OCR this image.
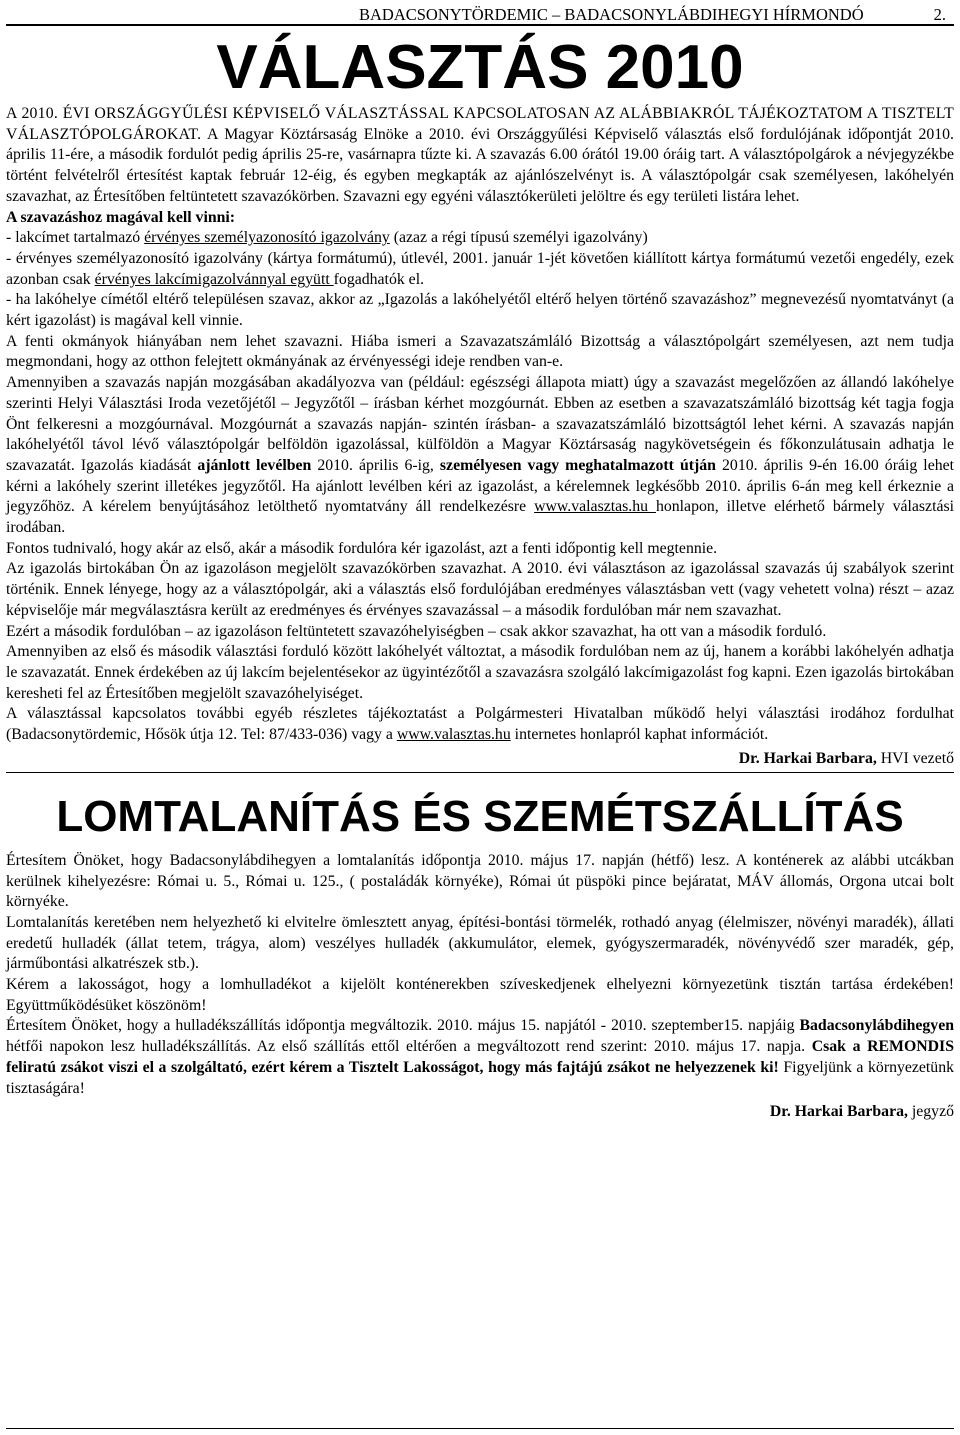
BADACSONYTÖRDEMIC – BADACSONYLÁBDIHEGYI HÍRMONDÓ	2.
VÁLASZTÁS 2010

A 2010. ÉVI ORSZÁGGYŰLÉSI KÉPVISELŐ VÁLASZTÁSSAL KAPCSOLATOSAN AZ ALÁBBIAKRÓL TÁJÉKOZTATOM A TISZTELT VÁLASZTÓPOLGÁROKAT. A Magyar Köztársaság Elnöke a 2010. évi Országgyűlési Képviselő választás első fordulójának időpontját 2010. április 11-ére, a második fordulót pedig április 25-re, vasárnapra tűzte ki. A szavazás 6.00 órától 19.00 óráig tart. A választópolgárok a névjegyzékbe történt felvételről értesítést kaptak február 12-éig, és egyben megkapták az ajánlószelvényt is. A választópolgár csak személyesen, lakóhelyén szavazhat, az Értesítőben feltüntetett szavazókörben. Szavazni egy egyéni választókerületi jelöltre és egy területi listára lehet.

A szavazáshoz magával kell vinni:

- lakcímet tartalmazó érvényes személyazonosító igazolvány (azaz a régi típusú személyi igazolvány)

- érvényes személyazonosító igazolvány (kártya formátumú), útlevél, 2001. január 1-jét követően kiállított kártya formátumú vezetői engedély, ezek azonban csak érvényes lakcímigazolvánnyal együtt fogadhatók el.

- ha lakóhelye címétől eltérő településen szavaz, akkor az „Igazolás a lakóhelyétől eltérő helyen történő szavazáshoz” megnevezésű nyomtatványt (a kért igazolást) is magával kell vinnie.

A fenti okmányok hiányában nem lehet szavazni. Hiába ismeri a Szavazatszámláló Bizottság a választópolgárt személyesen, azt nem tudja megmondani, hogy az otthon felejtett okmányának az érvényességi ideje rendben van-e.

Amennyiben a szavazás napján mozgásában akadályozva van (például: egészségi állapota miatt) úgy a szavazást megelőzően az állandó lakóhelye szerinti Helyi Választási Iroda vezetőjétől – Jegyzőtől – írásban kérhet mozgóurnát. Ebben az esetben a szavazatszámláló bizottság két tagja fogja Önt felkeresni a mozgóurnával. Mozgóurnát a szavazás napján- szintén írásban- a szavazatszámláló bizottságtól lehet kérni. A szavazás napján lakóhelyétől távol lévő választópolgár belföldön igazolással, külföldön a Magyar Köztársaság nagykövetségein és főkonzulátusain adhatja le szavazatát. Igazolás kiadását ajánlott levélben 2010. április 6-ig, személyesen vagy meghatalmazott útján 2010. április 9-én 16.00 óráig lehet kérni a lakóhely szerint illetékes jegyzőtől. Ha ajánlott levélben kéri az igazolást, a kérelemnek legkésőbb 2010. április 6-án meg kell érkeznie a jegyzőhöz. A kérelem benyújtásához letölthető nyomtatvány áll rendelkezésre www.valasztas.hu honlapon, illetve elérhető bármely választási irodában.

Fontos tudnivaló, hogy akár az első, akár a második fordulóra kér igazolást, azt a fenti időpontig kell megtennie.

Az igazolás birtokában Ön az igazoláson megjelölt szavazókörben szavazhat. A 2010. évi választáson az igazolással szavazás új szabályok szerint történik. Ennek lényege, hogy az a választópolgár, aki a választás első fordulójában eredményes választásban vett (vagy vehetett volna) részt – azaz képviselője már megválasztásra került az eredményes és érvényes szavazással – a második fordulóban már nem szavazhat.

Ezért a második fordulóban – az igazoláson feltüntetett szavazóhelyiségben – csak akkor szavazhat, ha ott van a második forduló.

Amennyiben az első és második választási forduló között lakóhelyét változtat, a második fordulóban nem az új, hanem a korábbi lakóhelyén adhatja le szavazatát. Ennek érdekében az új lakcím bejelentésekor az ügyintézőtől a szavazásra szolgáló lakcímigazolást fog kapni. Ezen igazolás birtokában keresheti fel az Értesítőben megjelölt szavazóhelyiséget.

A választással kapcsolatos további egyéb részletes tájékoztatást a Polgármesteri Hivatalban működő helyi választási irodához fordulhat (Badacsonytördemic, Hősök útja 12. Tel: 87/433-036) vagy a www.valasztas.hu internetes honlapról kaphat információt.

Dr. Harkai Barbara, HVI vezető

LOMTALANÍTÁS ÉS SZEMÉTSZÁLLÍTÁS

Értesítem Önöket, hogy Badacsonylábdihegyen a lomtalanítás időpontja 2010. május 17. napján (hétfő) lesz. A konténerek az alábbi utcákban kerülnek kihelyezésre: Római u. 5., Római u. 125., ( postaládák környéke), Római út püspöki pince bejáratat, MÁV állomás, Orgona utcai bolt környéke.

Lomtalanítás keretében nem helyezhető ki elvitelre ömlesztett anyag, építési-bontási törmelék, rothadó anyag (élelmiszer, növényi maradék), állati eredetű hulladék (állat tetem, trágya, alom) veszélyes hulladék (akkumulátor, elemek, gyógyszermaradék, növényvédő szer maradék, gép, járműbontási alkatrészek stb.).

Kérem a lakosságot, hogy a lomhulladékot a kijelölt konténerekben szíveskedjenek elhelyezni környezetünk tisztán tartása érdekében! Együttműködésüket köszönöm!

Értesítem Önöket, hogy a hulladékszállítás időpontja megváltozik. 2010. május 15. napjától - 2010. szeptember15. napjáig Badacsonylábdihegyen hétfői napokon lesz hulladékszállítás. Az első szállítás ettől eltérően a megváltozott rend szerint: 2010. május 17. napja. Csak a REMONDIS feliratú zsákot viszi el a szolgáltató, ezért kérem a Tisztelt Lakosságot, hogy más fajtájú zsákot ne helyezzenek ki! Figyeljünk a környezetünk tisztaságára!

Dr. Harkai Barbara, jegyző
